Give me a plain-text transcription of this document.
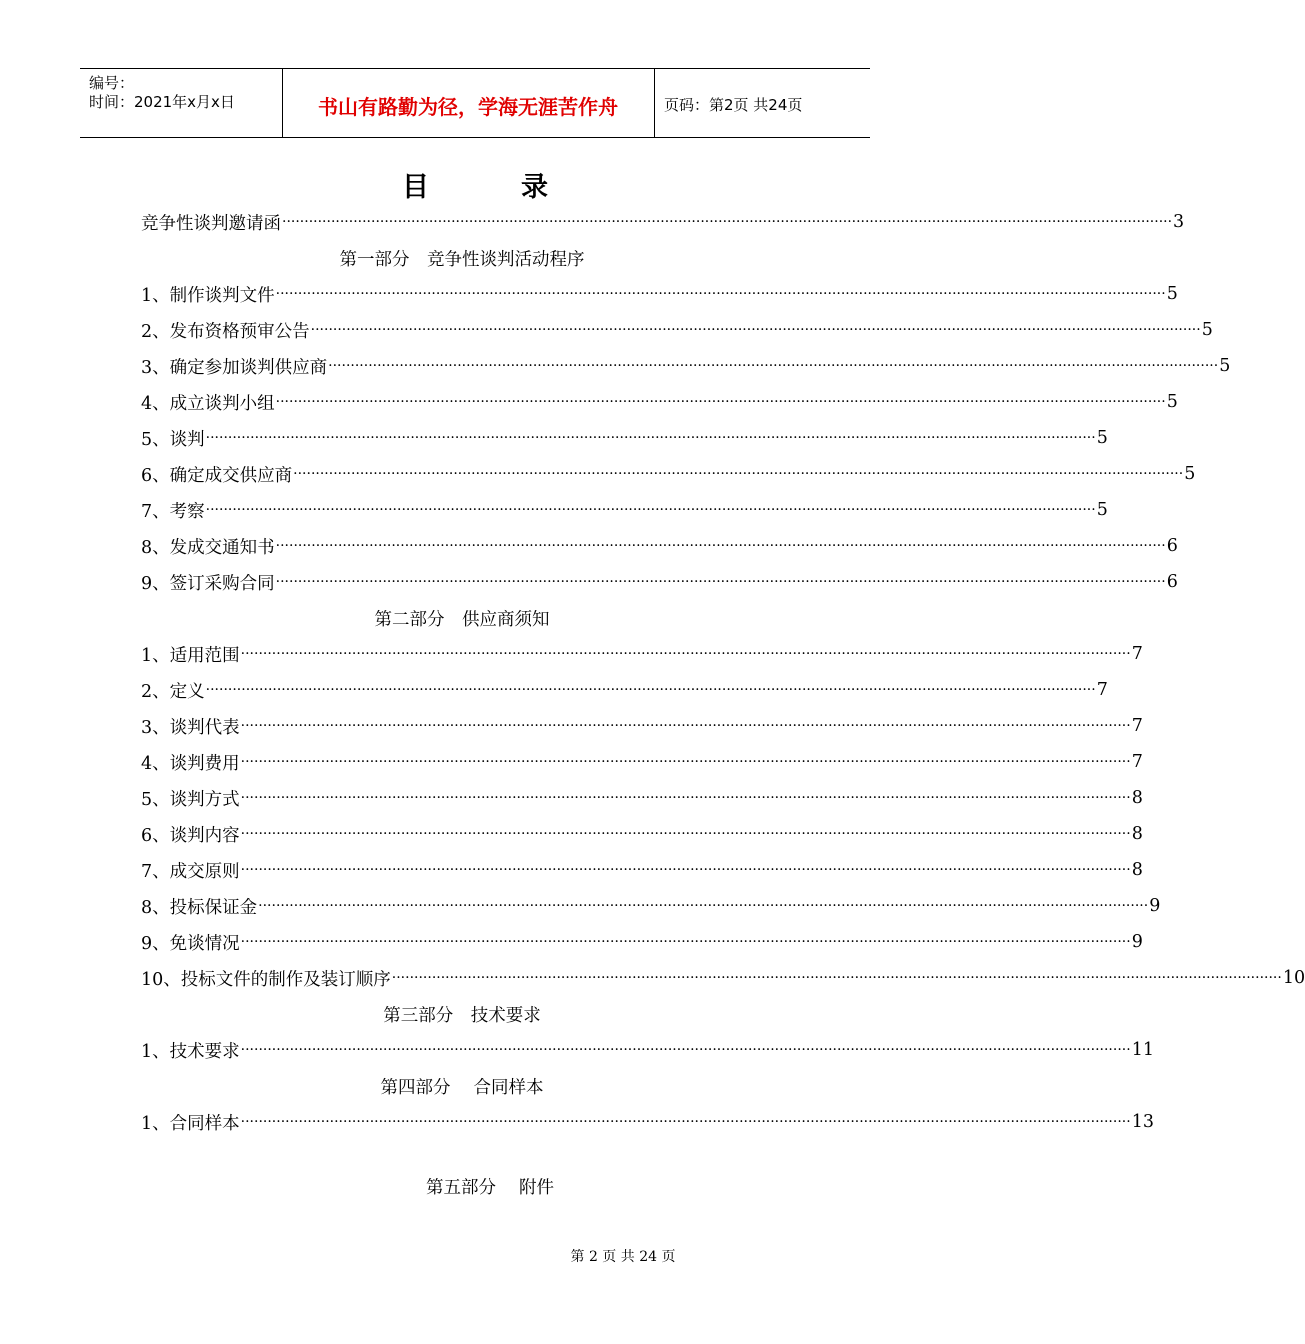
编号：
时间：2021年x月x日	书山有路勤为径，学海无涯苦作舟	页码：第2页 共24页
目	录
竞争性谈判邀请函 ········································································································································································································ 3
第一部分　竞争性谈判活动程序
1、制作谈判文件 ········································································································································································································ 5
2、发布资格预审公告 ········································································································································································································ 5
3、确定参加谈判供应商 ········································································································································································································ 5
4、成立谈判小组 ········································································································································································································ 5
5、谈判 ········································································································································································································ 5
6、确定成交供应商 ········································································································································································································ 5
7、考察 ········································································································································································································ 5
8、发成交通知书 ········································································································································································································ 6
9、签订采购合同 ········································································································································································································ 6
第二部分　供应商须知
1、适用范围 ········································································································································································································ 7
2、定义 ········································································································································································································ 7
3、谈判代表 ········································································································································································································ 7
4、谈判费用 ········································································································································································································ 7
5、谈判方式 ········································································································································································································ 8
6、谈判内容 ········································································································································································································ 8
7、成交原则 ········································································································································································································ 8
8、投标保证金 ········································································································································································································ 9
9、免谈情况 ········································································································································································································ 9
10、投标文件的制作及装订顺序 ········································································································································································································ 10
第三部分　技术要求
1、技术要求 ········································································································································································································ 11
第四部分　 合同样本
1、合同样本 ········································································································································································································ 13
第五部分　 附件
第 2 页 共 24 页
